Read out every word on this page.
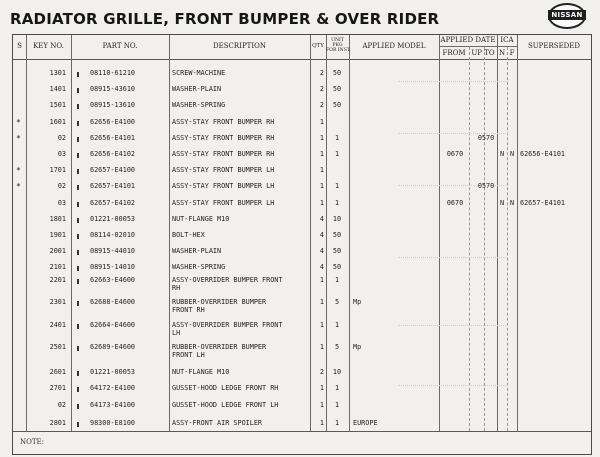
RADIATOR GRILLE, FRONT BUMPER & OVER RIDER	NISSAN
S	KEY NO.	PART NO.	DESCRIPTION	QTY
UNIT
PKG
FOR INST.
APPLIED MODEL
APPLIED DATE
FROM UP TO
ICA
N F
SUPERSEDED
1301	08110-61210	SCREW-MACHINE	2	50
1401	08915-43610	WASHER-PLAIN	2	50
1501	08915-13610	WASHER-SPRING	2	50
*	1601	62656-E4100	ASSY-STAY FRONT BUMPER RH	1
*	02	62656-E4101	ASSY-STAY FRONT BUMPER RH	1	1	0570
03	62656-E4102	ASSY-STAY FRONT BUMPER RH	1	1	0670	N N 62656-E4101
*	1701	62657-E4100	ASSY-STAY FRONT BUMPER LH	1
*	02	62657-E4101	ASSY-STAY FRONT BUMPER LH	1	1	0570
03	62657-E4102	ASSY-STAY FRONT BUMPER LH	1	1	0670	N N 62657-E4101
1801	01221-00053	NUT-FLANGE M10	4	10
1901	08114-02010	BOLT-HEX	4	50
2001	08915-44010	WASHER-PLAIN	4	50
2101	08915-14010	WASHER-SPRING	4	50
2201	62663-E4600	ASSY-OVERRIDER BUMPER FRONT	1	1
RH
2301	62688-E4600	RUBBER-OVERRIDER BUMPER	1	5	Mp
FRONT RH
2401	62664-E4600	ASSY-OVERRIDER BUMPER FRONT	1	1
LH
2501	62689-E4600	RUBBER-OVERRIDER BUMPER	1	5	Mp
FRONT LH
2601	01221-00053	NUT-FLANGE M10	2	10
2701	64172-E4100	GUSSET-HOOD LEDGE FRONT RH	1	1
02	64173-E4100	GUSSET-HOOD LEDGE FRONT LH	1	1
2801	98300-E8100	ASSY-FRONT AIR SPOILER	1	1	EUROPE
NOTE:
